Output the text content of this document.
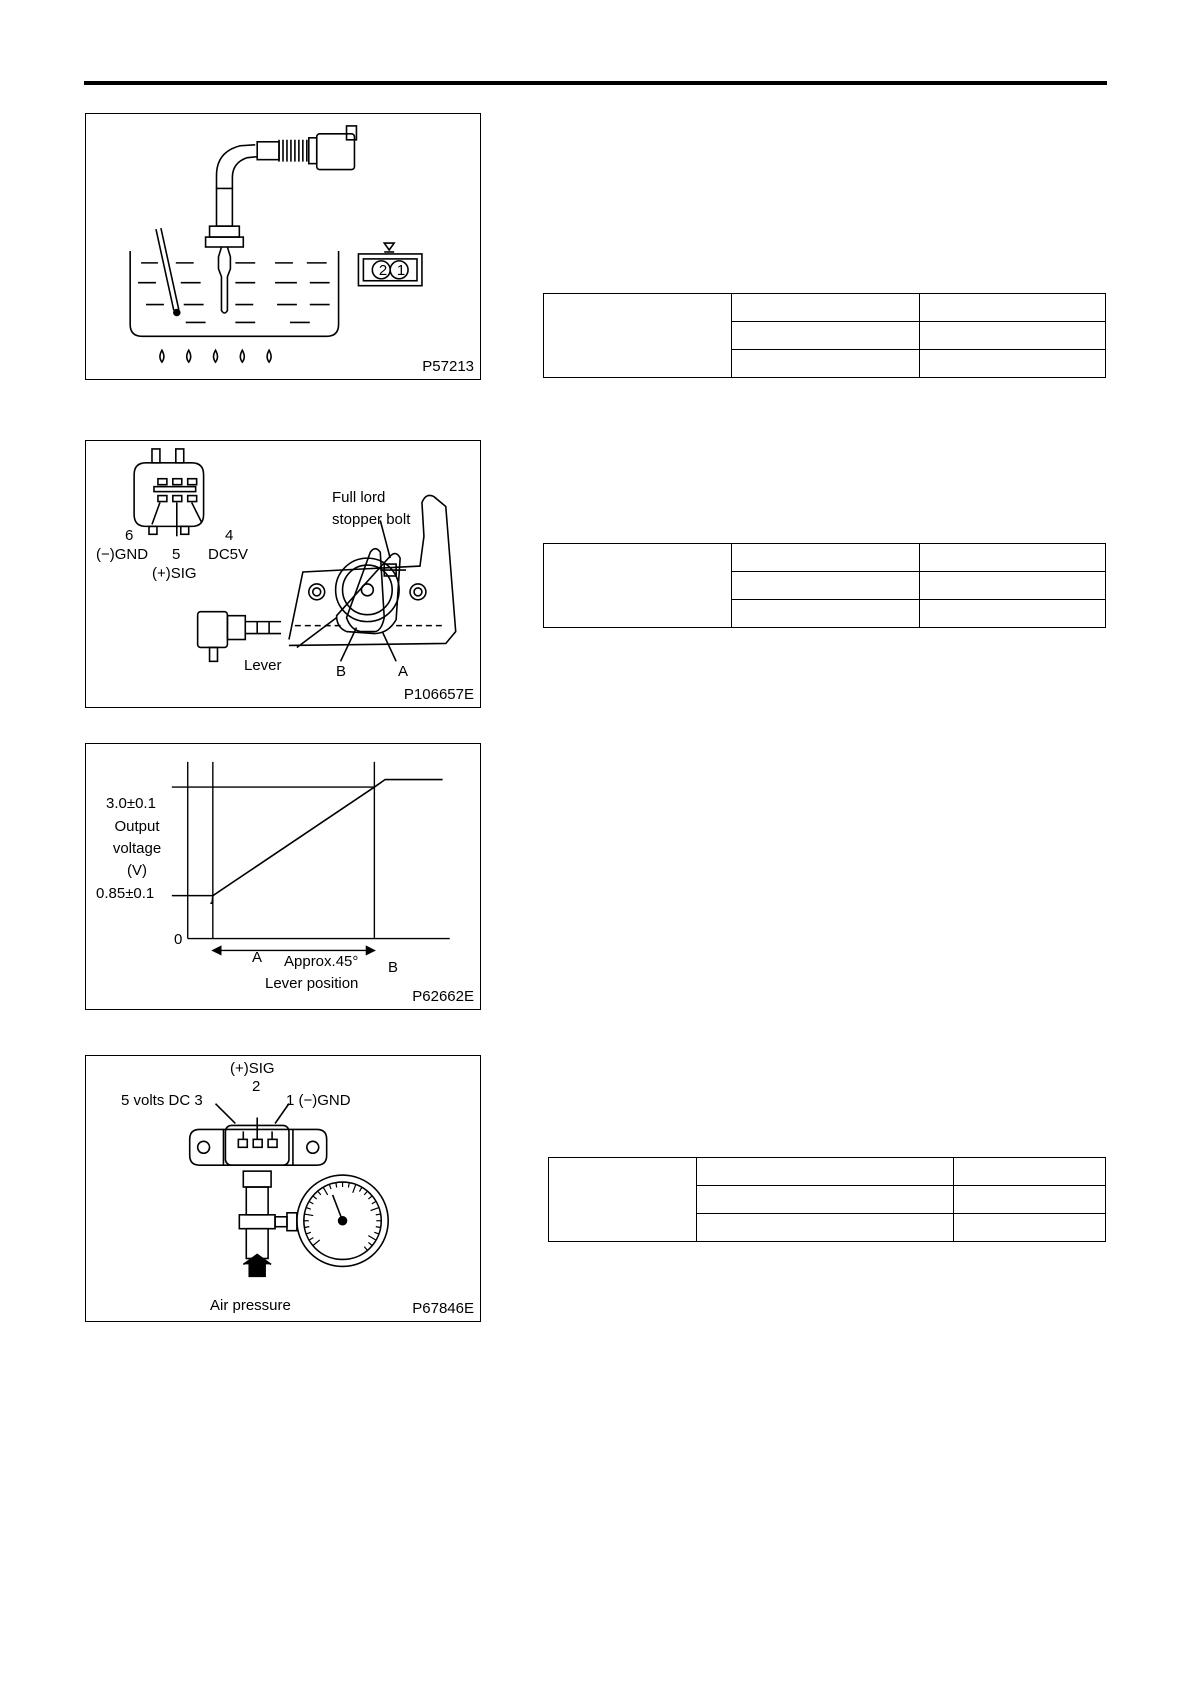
2 1
P57213
6
(−)GND 5
(+)SIG
4
DC5V
Full lord
stopper bolt
Lever	B	A
P106657E
3.0±0.1
Output
voltage
(V)
0.85±0.1
0
A
B
Approx.45°
Lever position
P62662E
(+)SIG
2
5 volts DC 3	1 (−)GND
Air pressure	P67846E
